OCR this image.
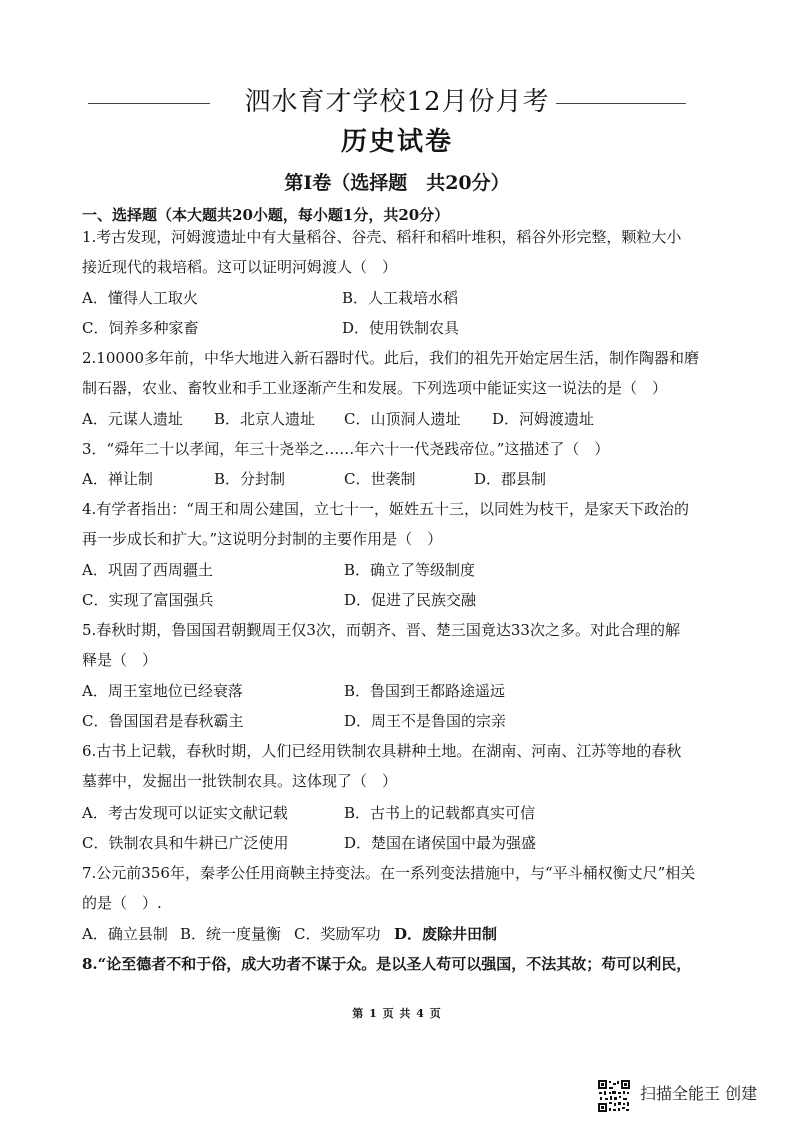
泗水育才学校12月份月考
历史试卷
第Ⅰ卷（选择题　共20分）
一、选择题（本大题共20小题，每小题1分，共20分）
1.考古发现，河姆渡遗址中有大量稻谷、谷壳、稻秆和稻叶堆积，稻谷外形完整，颗粒大小
接近现代的栽培稻。这可以证明河姆渡人（　）
A．懂得人工取火	B．人工栽培水稻
C．饲养多种家畜	D．使用铁制农具
2.10000多年前，中华大地进入新石器时代。此后，我们的祖先开始定居生活，制作陶器和磨
制石器，农业、畜牧业和手工业逐渐产生和发展。下列选项中能证实这一说法的是（　）
A．元谋人遗址 B．北京人遗址 C．山顶洞人遗址 D．河姆渡遗址
3．“舜年二十以孝闻，年三十尧举之……年六十一代尧践帝位。”这描述了（　）
A．禅让制	B．分封制	C．世袭制	D．郡县制
4.有学者指出：“周王和周公建国，立七十一，姬姓五十三，以同姓为枝干，是家天下政治的
再一步成长和扩大。”这说明分封制的主要作用是（　）
A．巩固了西周疆土	B．确立了等级制度
C．实现了富国强兵	D．促进了民族交融
5.春秋时期，鲁国国君朝觐周王仅3次，而朝齐、晋、楚三国竟达33次之多。对此合理的解
释是（　）
A．周王室地位已经衰落	B．鲁国到王都路途遥远
C．鲁国国君是春秋霸主	D．周王不是鲁国的宗亲
6.古书上记载，春秋时期，人们已经用铁制农具耕种土地。在湖南、河南、江苏等地的春秋
墓葬中，发掘出一批铁制农具。这体现了（　）
A．考古发现可以证实文献记载	B．古书上的记载都真实可信
C．铁制农具和牛耕已广泛使用	D．楚国在诸侯国中最为强盛
7.公元前356年，秦孝公任用商鞅主持变法。在一系列变法措施中，与“平斗桶权衡丈尺”相关
的是（　）.
A．确立县制 B．统一度量衡 C．奖励军功 D．废除井田制
8.“论至德者不和于俗，成大功者不谋于众。是以圣人苟可以强国，不法其故；苟可以利民，
第 1 页 共 4 页
扫描全能王 创建
